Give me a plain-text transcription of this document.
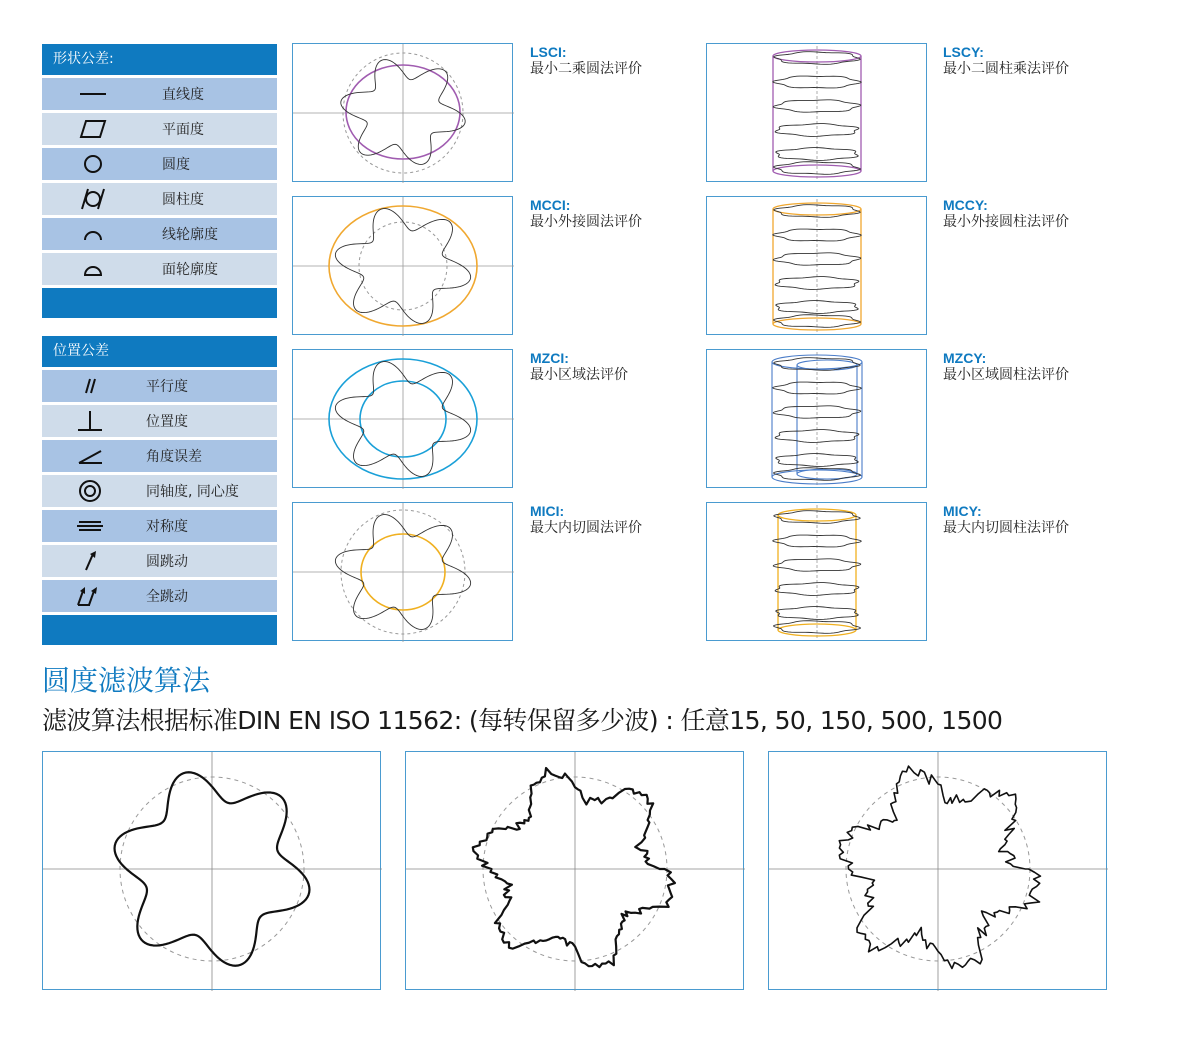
形状公差:
直线度
平面度
圆度
圆柱度
线轮廓度
面轮廓度
位置公差
平行度
位置度
角度误差
同轴度, 同心度
对称度
圆跳动
全跳动
LSCI:
最小二乘圆法评价
MCCI:
最小外接圆法评价
MZCI:
最小区域法评价
MICI:
最大内切圆法评价
LSCY:
最小二圆柱乘法评价
MCCY:
最小外接圆柱法评价
MZCY:
最小区域圆柱法评价
MICY:
最大内切圆柱法评价
圆度滤波算法
滤波算法根据标准DIN EN ISO 11562: (每转保留多少波) : 任意15, 50, 150, 500, 1500
